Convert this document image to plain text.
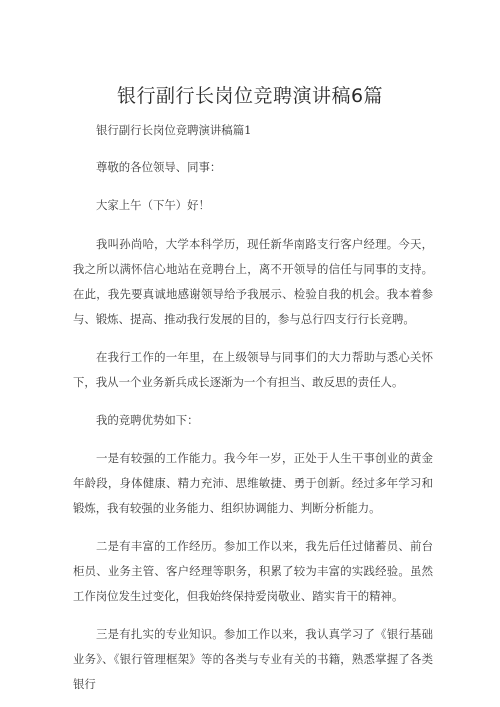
银行副行长岗位竞聘演讲稿6篇

银行副行长岗位竞聘演讲稿篇1

尊敬的各位领导、同事：

大家上午（下午）好！

我叫孙尚哈，大学本科学历，现任新华南路支行客户经理。今天，我之所以满怀信心地站在竞聘台上，离不开领导的信任与同事的支持。在此，我先要真诚地感谢领导给予我展示、检验自我的机会。我本着参与、锻炼、提高、推动我行发展的目的，参与总行四支行行长竞聘。

在我行工作的一年里，在上级领导与同事们的大力帮助与悉心关怀下，我从一个业务新兵成长逐渐为一个有担当、敢反思的责任人。

我的竞聘优势如下：

一是有较强的工作能力。我今年一岁，正处于人生干事创业的黄金年龄段，身体健康、精力充沛、思维敏捷、勇于创新。经过多年学习和锻炼，我有较强的业务能力、组织协调能力、判断分析能力。

二是有丰富的工作经历。参加工作以来，我先后任过储蓄员、前台柜员、业务主管、客户经理等职务，积累了较为丰富的实践经验。虽然工作岗位发生过变化，但我始终保持爱岗敬业、踏实肯干的精神。

三是有扎实的专业知识。参加工作以来，我认真学习了《银行基础业务》、《银行管理框架》等的各类与专业有关的书籍，熟悉掌握了各类银行
